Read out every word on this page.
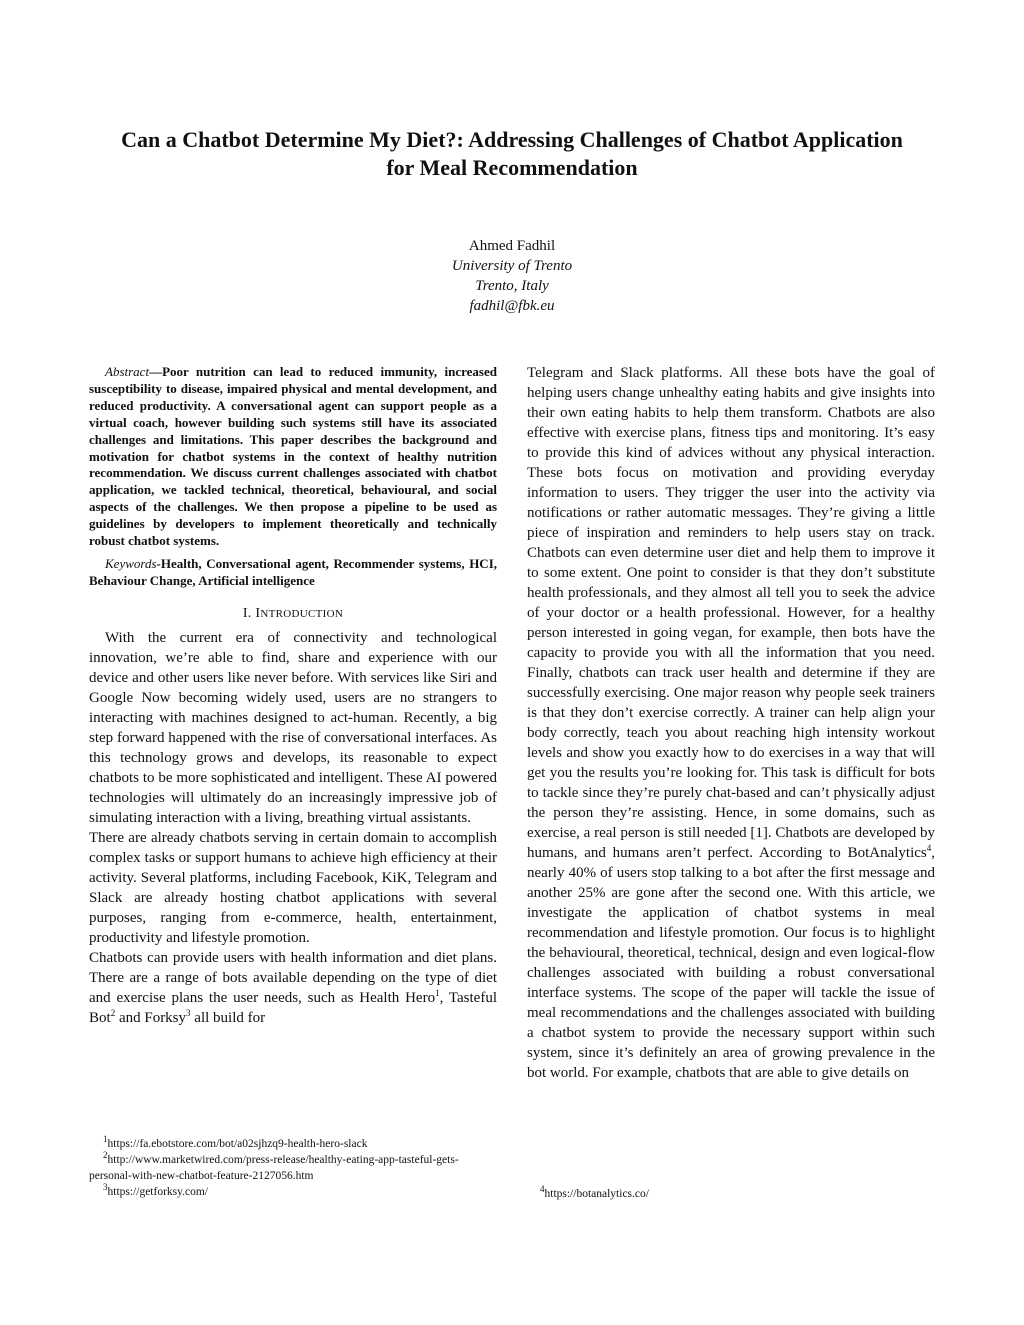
Can a Chatbot Determine My Diet?: Addressing Challenges of Chatbot Application
for Meal Recommendation
Ahmed Fadhil
University of Trento
Trento, Italy
fadhil@fbk.eu

Abstract—Poor nutrition can lead to reduced immunity, increased susceptibility to disease, impaired physical and mental development, and reduced productivity. A conversational agent can support people as a virtual coach, however building such systems still have its associated challenges and limitations. This paper describes the background and motivation for chatbot systems in the context of healthy nutrition recommendation. We discuss current challenges associated with chatbot application, we tackled technical, theoretical, behavioural, and social aspects of the challenges. We then propose a pipeline to be used as guidelines by developers to implement theoretically and technically robust chatbot systems.

Keywords-Health, Conversational agent, Recommender systems, HCI, Behaviour Change, Artificial intelligence

I. INTRODUCTION

With the current era of connectivity and technological innovation, we’re able to find, share and experience with our device and other users like never before. With services like Siri and Google Now becoming widely used, users are no strangers to interacting with machines designed to act-human. Recently, a big step forward happened with the rise of conversational interfaces. As this technology grows and develops, its reasonable to expect chatbots to be more sophisticated and intelligent. These AI powered technologies will ultimately do an increasingly impressive job of simulating interaction with a living, breathing virtual assistants.

There are already chatbots serving in certain domain to accomplish complex tasks or support humans to achieve high efficiency at their activity. Several platforms, including Facebook, KiK, Telegram and Slack are already hosting chatbot applications with several purposes, ranging from e-commerce, health, entertainment, productivity and lifestyle promotion.

Chatbots can provide users with health information and diet plans. There are a range of bots available depending on the type of diet and exercise plans the user needs, such as Health Hero$^1$, Tasteful Bot$^2$ and Forksy$^3$ all build for

Telegram and Slack platforms. All these bots have the goal of helping users change unhealthy eating habits and give insights into their own eating habits to help them transform. Chatbots are also effective with exercise plans, fitness tips and monitoring. It’s easy to provide this kind of advices without any physical interaction. These bots focus on motivation and providing everyday information to users. They trigger the user into the activity via notifications or rather automatic messages. They’re giving a little piece of inspiration and reminders to help users stay on track. Chatbots can even determine user diet and help them to improve it to some extent. One point to consider is that they don’t substitute health professionals, and they almost all tell you to seek the advice of your doctor or a health professional. However, for a healthy person interested in going vegan, for example, then bots have the capacity to provide you with all the information that you need. Finally, chatbots can track user health and determine if they are successfully exercising. One major reason why people seek trainers is that they don’t exercise correctly. A trainer can help align your body correctly, teach you about reaching high intensity workout levels and show you exactly how to do exercises in a way that will get you the results you’re looking for. This task is difficult for bots to tackle since they’re purely chat-based and can’t physically adjust the person they’re assisting. Hence, in some domains, such as exercise, a real person is still needed [1]. Chatbots are developed by humans, and humans aren’t perfect. According to BotAnalytics$^4$, nearly 40% of users stop talking to a bot after the first message and another 25% are gone after the second one. With this article, we investigate the application of chatbot systems in meal recommendation and lifestyle promotion. Our focus is to highlight the behavioural, theoretical, technical, design and even logical-flow challenges associated with building a robust conversational interface systems. The scope of the paper will tackle the issue of meal recommendations and the challenges associated with building a chatbot system to provide the necessary support within such system, since it’s definitely an area of growing prevalence in the bot world. For example, chatbots that are able to give details on

$^1$https://fa.ebotstore.com/bot/a02sjhzq9-health-hero-slack

$^2$http://www.marketwired.com/press-release/healthy-eating-app-tasteful-gets-personal-with-new-chatbot-feature-2127056.htm

$^3$https://getforksy.com/	$^4$https://botanalytics.co/
